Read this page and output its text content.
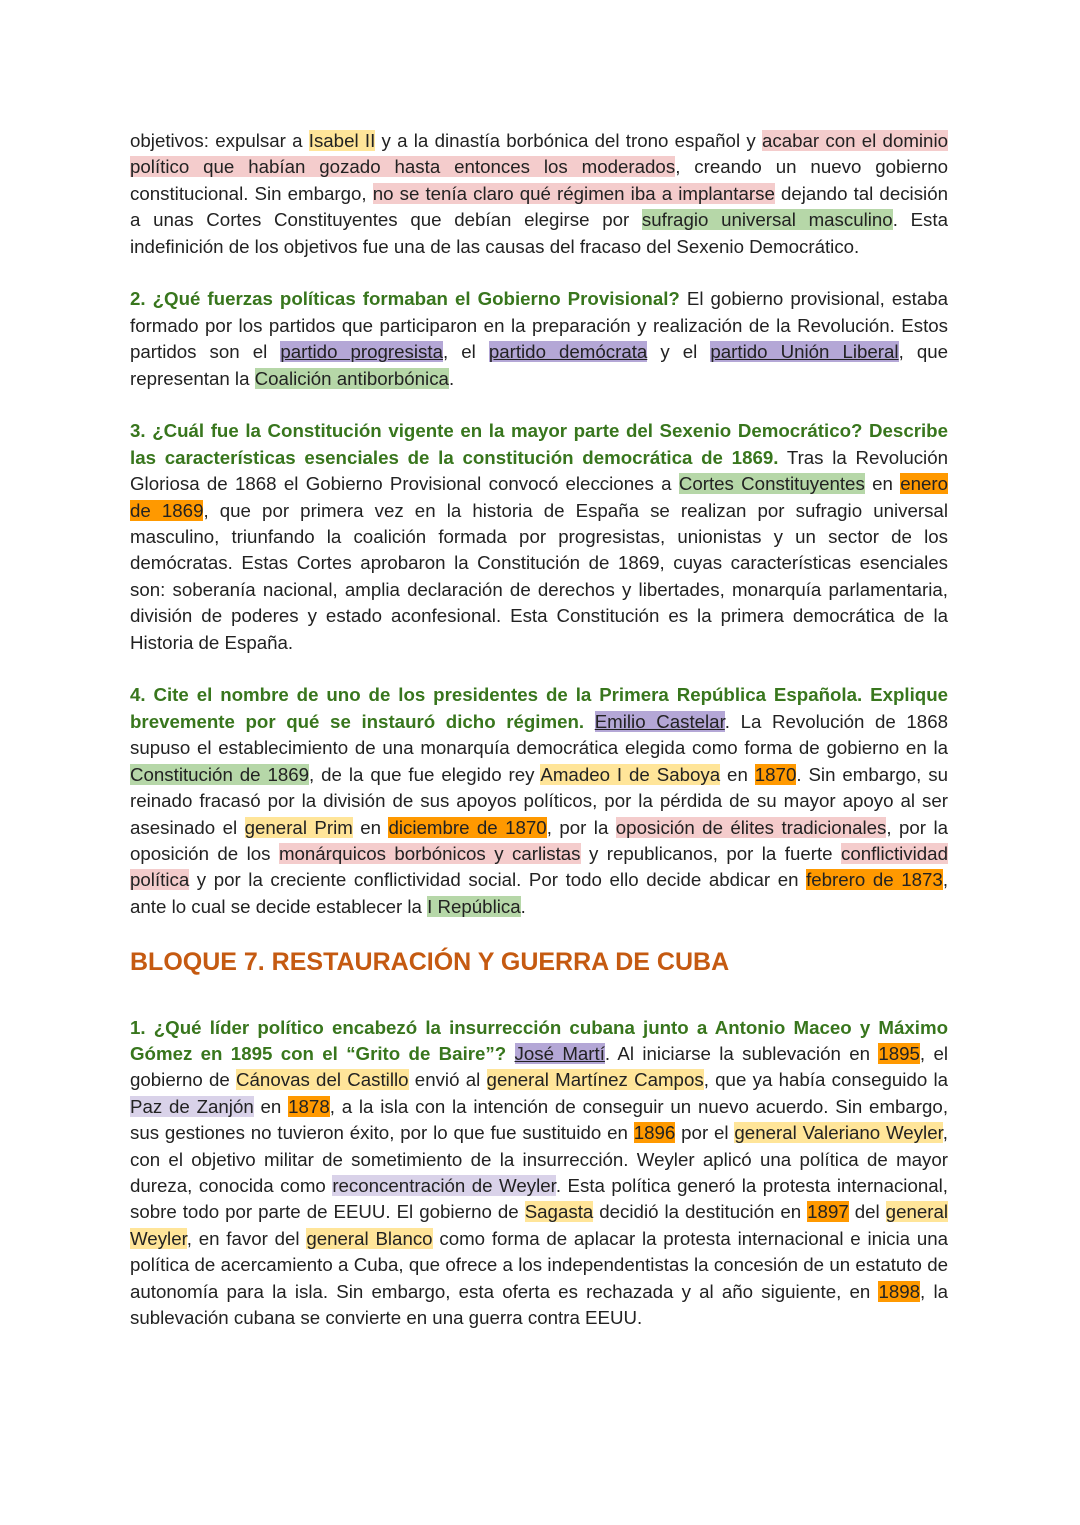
objetivos: expulsar a Isabel II y a la dinastía borbónica del trono español y acabar con el dominio político que habían gozado hasta entonces los moderados, creando un nuevo gobierno constitucional. Sin embargo, no se tenía claro qué régimen iba a implantarse dejando tal decisión a unas Cortes Constituyentes que debían elegirse por sufragio universal masculino. Esta indefinición de los objetivos fue una de las causas del fracaso del Sexenio Democrático.

2. ¿Qué fuerzas políticas formaban el Gobierno Provisional? El gobierno provisional, estaba formado por los partidos que participaron en la preparación y realización de la Revolución. Estos partidos son el partido progresista, el partido demócrata y el partido Unión Liberal, que representan la Coalición antiborbónica.

3. ¿Cuál fue la Constitución vigente en la mayor parte del Sexenio Democrático? Describe las características esenciales de la constitución democrática de 1869. Tras la Revolución Gloriosa de 1868 el Gobierno Provisional convocó elecciones a Cortes Constituyentes en enero de 1869, que por primera vez en la historia de España se realizan por sufragio universal masculino, triunfando la coalición formada por progresistas, unionistas y un sector de los demócratas. Estas Cortes aprobaron la Constitución de 1869, cuyas características esenciales son: soberanía nacional, amplia declaración de derechos y libertades, monarquía parlamentaria, división de poderes y estado aconfesional. Esta Constitución es la primera democrática de la Historia de España.

4. Cite el nombre de uno de los presidentes de la Primera República Española. Explique brevemente por qué se instauró dicho régimen. Emilio Castelar. La Revolución de 1868 supuso el establecimiento de una monarquía democrática elegida como forma de gobierno en la Constitución de 1869, de la que fue elegido rey Amadeo I de Saboya en 1870. Sin embargo, su reinado fracasó por la división de sus apoyos políticos, por la pérdida de su mayor apoyo al ser asesinado el general Prim en diciembre de 1870, por la oposición de élites tradicionales, por la oposición de los monárquicos borbónicos y carlistas y republicanos, por la fuerte conflictividad política y por la creciente conflictividad social. Por todo ello decide abdicar en febrero de 1873, ante lo cual se decide establecer la I República.

BLOQUE 7. RESTAURACIÓN Y GUERRA DE CUBA

1. ¿Qué líder político encabezó la insurrección cubana junto a Antonio Maceo y Máximo Gómez en 1895 con el “Grito de Baire”? José Martí. Al iniciarse la sublevación en 1895, el gobierno de Cánovas del Castillo envió al general Martínez Campos, que ya había conseguido la Paz de Zanjón en 1878, a la isla con la intención de conseguir un nuevo acuerdo. Sin embargo, sus gestiones no tuvieron éxito, por lo que fue sustituido en 1896 por el general Valeriano Weyler, con el objetivo militar de sometimiento de la insurrección. Weyler aplicó una política de mayor dureza, conocida como reconcentración de Weyler. Esta política generó la protesta internacional, sobre todo por parte de EEUU. El gobierno de Sagasta decidió la destitución en 1897 del general Weyler, en favor del general Blanco como forma de aplacar la protesta internacional e inicia una política de acercamiento a Cuba, que ofrece a los independentistas la concesión de un estatuto de autonomía para la isla. Sin embargo, esta oferta es rechazada y al año siguiente, en 1898, la sublevación cubana se convierte en una guerra contra EEUU.
